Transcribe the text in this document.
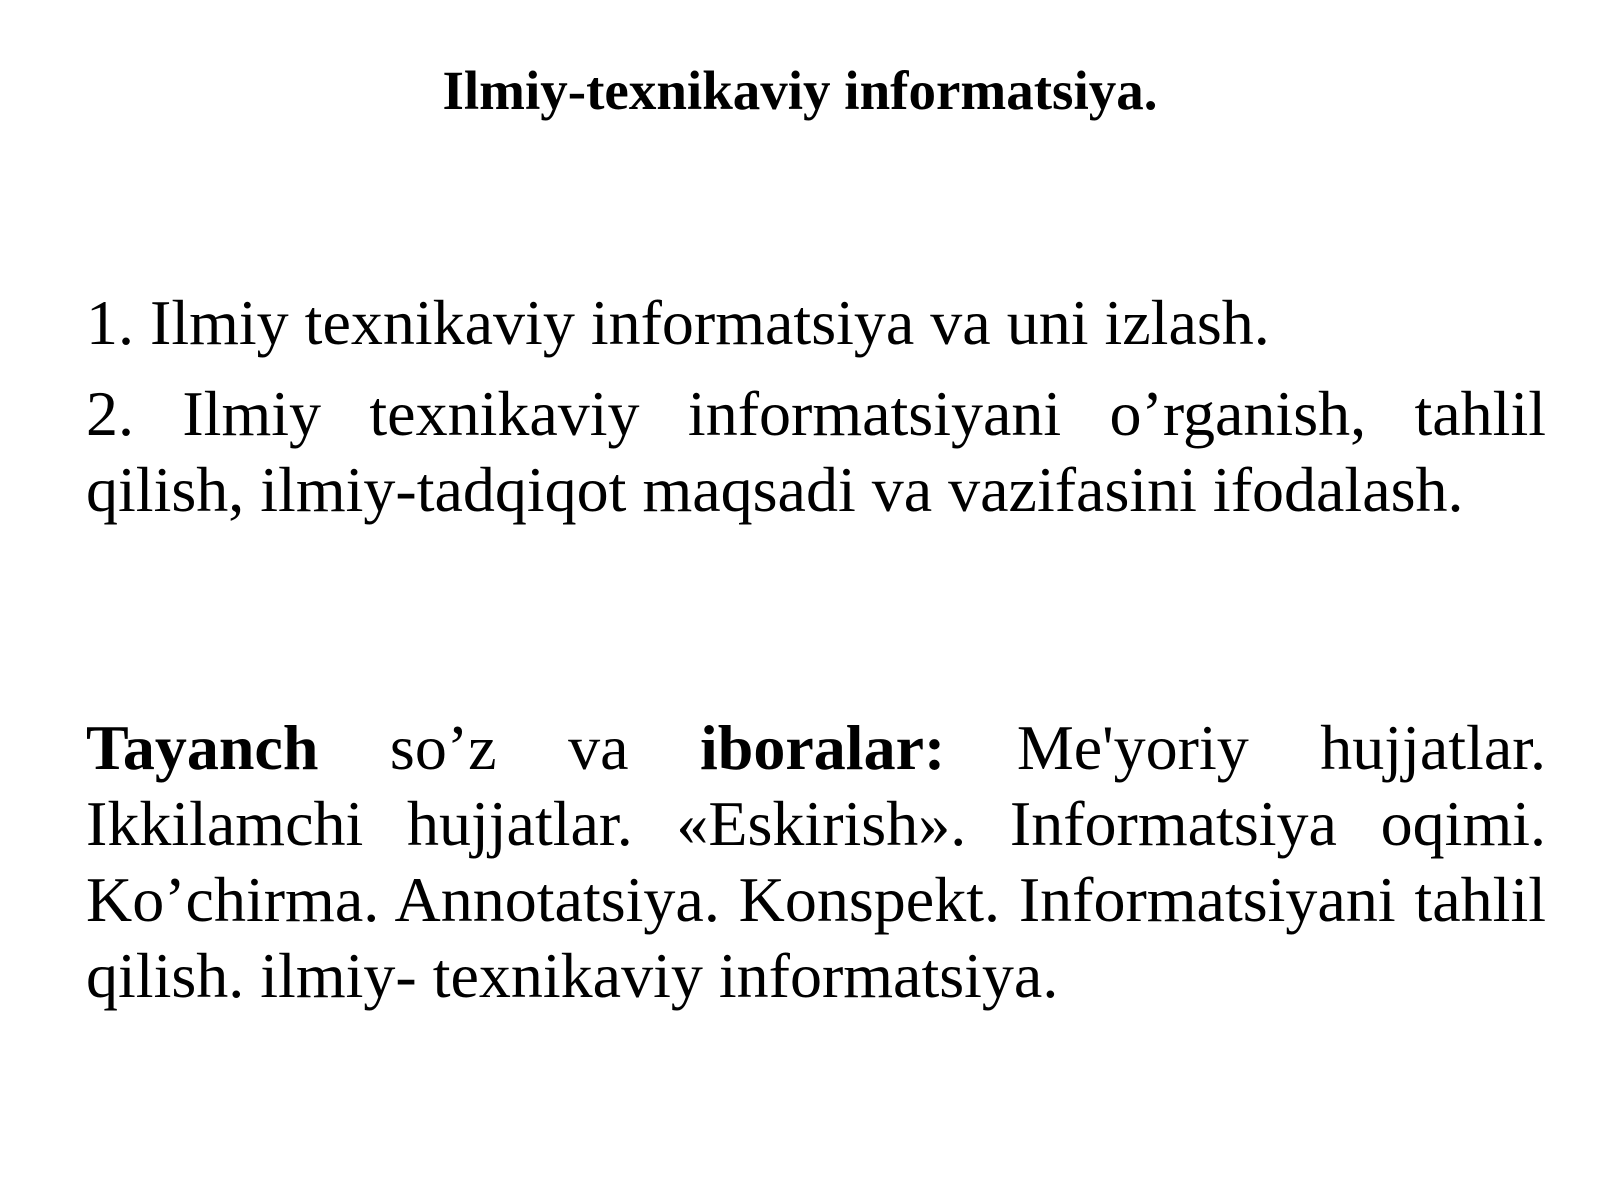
Ilmiy-texnikaviy informatsiya.

1. Ilmiy texnikaviy informatsiya va uni izlash.

2. Ilmiy texnikaviy informatsiyani o’rganish, tahlil qilish, ilmiy-tadqiqot maqsadi va vazifasini ifodalash.

Tayanch so’z va iboralar: Me'yoriy hujjatlar. Ikkilamchi hujjatlar. «Eskirish». Informatsiya oqimi. Ko’chirma. Annotatsiya. Konspekt. Informatsiyani tahlil qilish. ilmiy- texnikaviy informatsiya.
